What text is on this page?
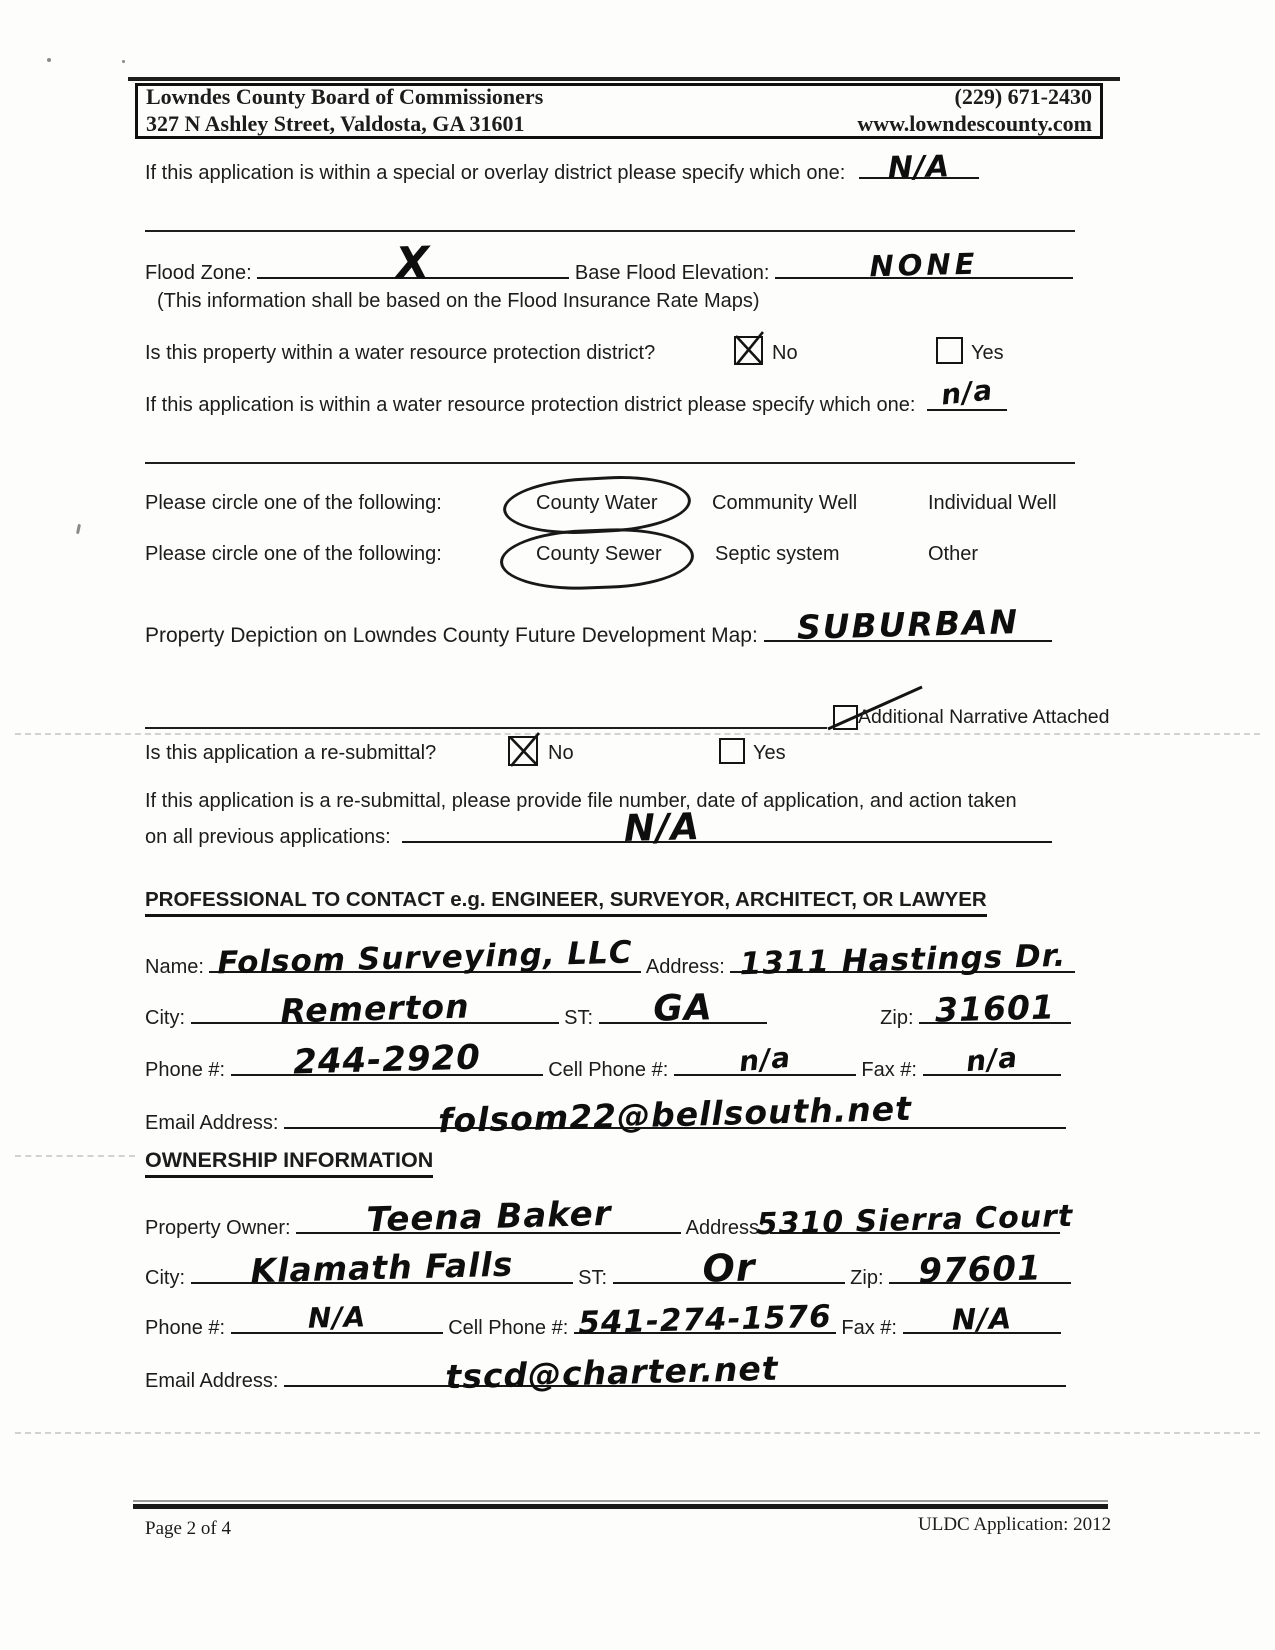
Lowndes County Board of Commissioners
327 N Ashley Street, Valdosta, GA 31601
(229) 671-2430
www.lowndescounty.com
If this application is within a special or overlay district please specify which one: N/A
Flood Zone:	X	Base Flood Elevation:	NONE
(This information shall be based on the Flood Insurance Rate Maps)
Is this property within a water resource protection district?	No	Yes
If this application is within a water resource protection district please specify which one: n/a
Please circle one of the following:	County Water	Community Well	Individual Well
Please circle one of the following:	County Sewer	Septic system	Other
Property Depiction on Lowndes County Future Development Map: SUBURBAN
Additional Narrative Attached
Is this application a re-submittal?	No	Yes
If this application is a re-submittal, please provide file number, date of application, and action taken
on all previous applications:	N/A
PROFESSIONAL TO CONTACT e.g. ENGINEER, SURVEYOR, ARCHITECT, OR LAWYER
Name: Folsom Surveying, LLC Address: 1311 Hastings Dr.
City:	Remerton	ST: GA	Zip: 31601
Phone #: 244-2920	Cell Phone #: n/a	Fax #: n/a
Email Address:	folsom22@bellsouth.net
OWNERSHIP INFORMATION
Property Owner: Teena Baker	Address:
5310 Sierra Court
City: Klamath Falls	ST: Or	Zip: 97601
Phone #:	N/A	Cell Phone #: 541-274-1576 Fax #: N/A
Email Address:	tscd@charter.net
Page 2 of 4	ULDC Application: 2012
